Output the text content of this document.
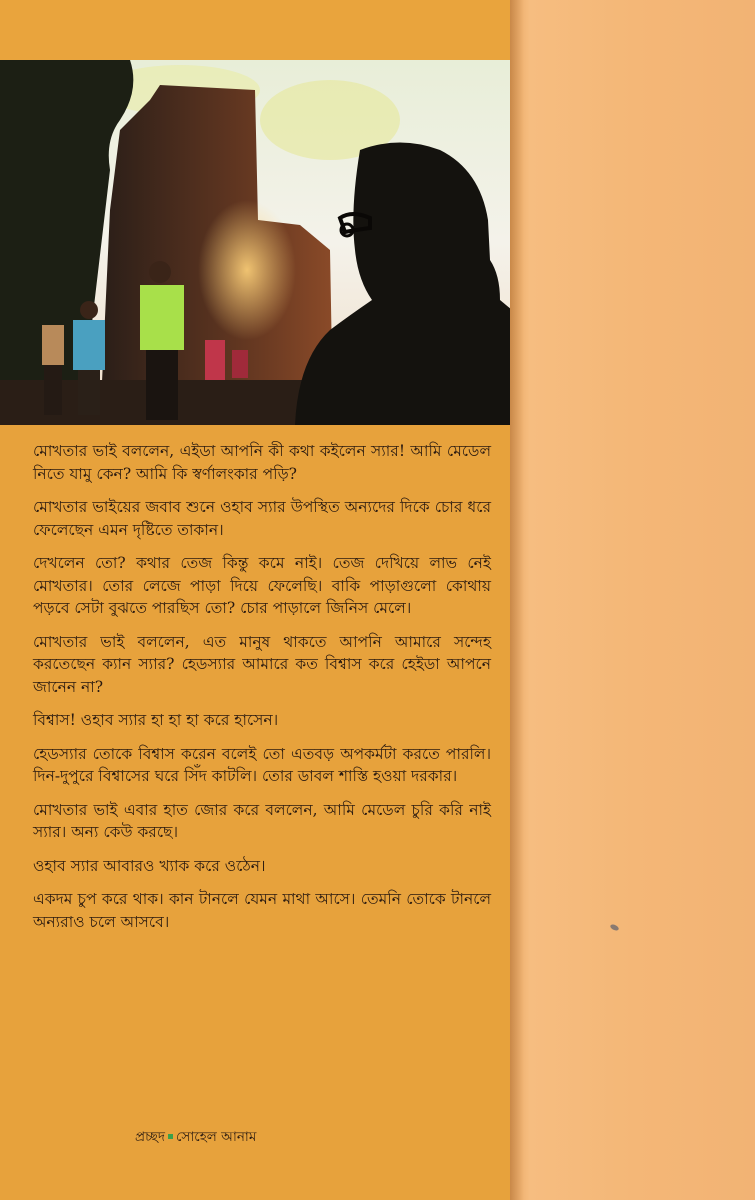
মোখতার ভাই বললেন, এইডা আপনি কী কথা কইলেন স্যার! আমি মেডেল নিতে যামু কেন? আমি কি স্বর্ণালংকার পড়ি?

মোখতার ভাইয়ের জবাব শুনে ওহাব স্যার উপস্থিত অন্যদের দিকে চোর ধরে ফেলেছেন এমন দৃষ্টিতে তাকান।

দেখলেন তো? কথার তেজ কিন্তু কমে নাই। তেজ দেখিয়ে লাভ নেই মোখতার। তোর লেজে পাড়া দিয়ে ফেলেছি। বাকি পাড়াগুলো কোথায় পড়বে সেটা বুঝতে পারছিস তো? চোর পাড়ালে জিনিস মেলে।

মোখতার ভাই বললেন, এত মানুষ থাকতে আপনি আমারে সন্দেহ করতেছেন ক্যান স্যার? হেডস্যার আমারে কত বিশ্বাস করে হেইডা আপনে জানেন না?

বিশ্বাস! ওহাব স্যার হা হা হা করে হাসেন।

হেডস্যার তোকে বিশ্বাস করেন বলেই তো এতবড় অপকর্মটা করতে পারলি। দিন-দুপুরে বিশ্বাসের ঘরে সিঁদ কাটলি। তোর ডাবল শাস্তি হওয়া দরকার।

মোখতার ভাই এবার হাত জোর করে বললেন, আমি মেডেল চুরি করি নাই স্যার। অন্য কেউ করছে।

ওহাব স্যার আবারও খ্যাক করে ওঠেন।

একদম চুপ করে থাক। কান টানলে যেমন মাথা আসে। তেমনি তোকে টানলে অন্যরাও চলে আসবে।

প্রচ্ছদ সোহেল আনাম
